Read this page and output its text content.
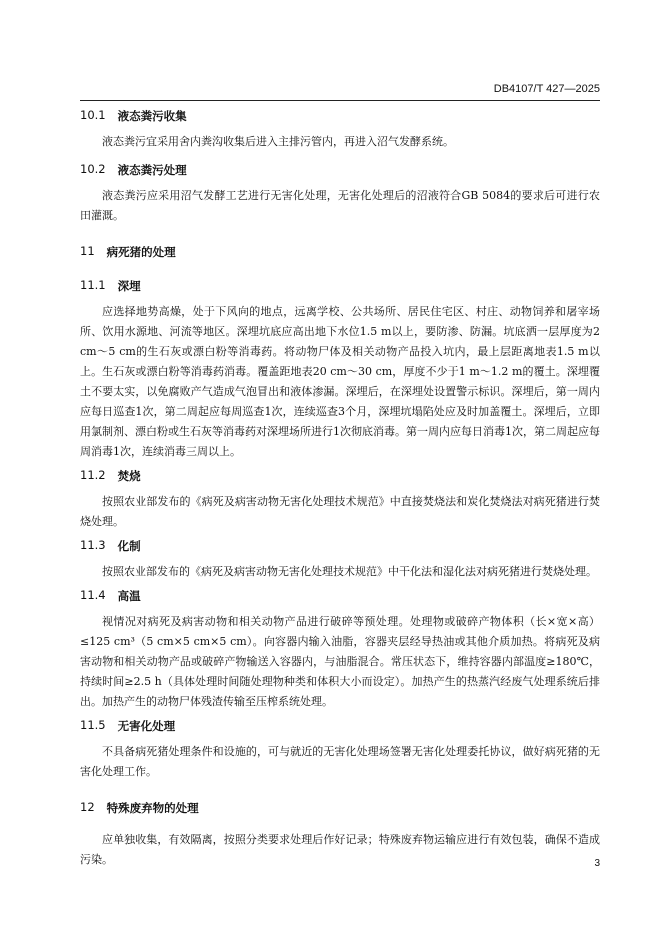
DB4107/T 427—2025
10.1 液态粪污收集

液态粪污宜采用舍内粪沟收集后进入主排污管内，再进入沼气发酵系统。

10.2 液态粪污处理

液态粪污应采用沼气发酵工艺进行无害化处理，无害化处理后的沼液符合GB 5084的要求后可进行农田灌溉。

11 病死猪的处理
11.1 深埋

应选择地势高燥，处于下风向的地点，远离学校、公共场所、居民住宅区、村庄、动物饲养和屠宰场所、饮用水源地、河流等地区。深埋坑底应高出地下水位1.5 m以上，要防渗、防漏。坑底洒一层厚度为2 cm～5 cm的生石灰或漂白粉等消毒药。将动物尸体及相关动物产品投入坑内，最上层距离地表1.5 m以上。生石灰或漂白粉等消毒药消毒。覆盖距地表20 cm～30 cm，厚度不少于1 m～1.2 m的覆土。深埋覆土不要太实，以免腐败产气造成气泡冒出和液体渗漏。深埋后，在深埋处设置警示标识。深埋后，第一周内应每日巡查1次，第二周起应每周巡查1次，连续巡查3个月，深埋坑塌陷处应及时加盖覆土。深埋后，立即用氯制剂、漂白粉或生石灰等消毒药对深埋场所进行1次彻底消毒。第一周内应每日消毒1次，第二周起应每周消毒1次，连续消毒三周以上。

11.2 焚烧

按照农业部发布的《病死及病害动物无害化处理技术规范》中直接焚烧法和炭化焚烧法对病死猪进行焚烧处理。

11.3 化制

按照农业部发布的《病死及病害动物无害化处理技术规范》中干化法和湿化法对病死猪进行焚烧处理。

11.4 高温

视情况对病死及病害动物和相关动物产品进行破碎等预处理。处理物或破碎产物体积（长×宽×高）≤125 cm³（5 cm×5 cm×5 cm）。向容器内输入油脂，容器夹层经导热油或其他介质加热。将病死及病害动物和相关动物产品或破碎产物输送入容器内，与油脂混合。常压状态下，维持容器内部温度≥180℃，持续时间≥2.5 h（具体处理时间随处理物种类和体积大小而设定）。加热产生的热蒸汽经废气处理系统后排出。加热产生的动物尸体残渣传输至压榨系统处理。

11.5 无害化处理

不具备病死猪处理条件和设施的，可与就近的无害化处理场签署无害化处理委托协议，做好病死猪的无害化处理工作。

12 特殊废弃物的处理

应单独收集，有效隔离，按照分类要求处理后作好记录；特殊废弃物运输应进行有效包装，确保不造成污染。	3
